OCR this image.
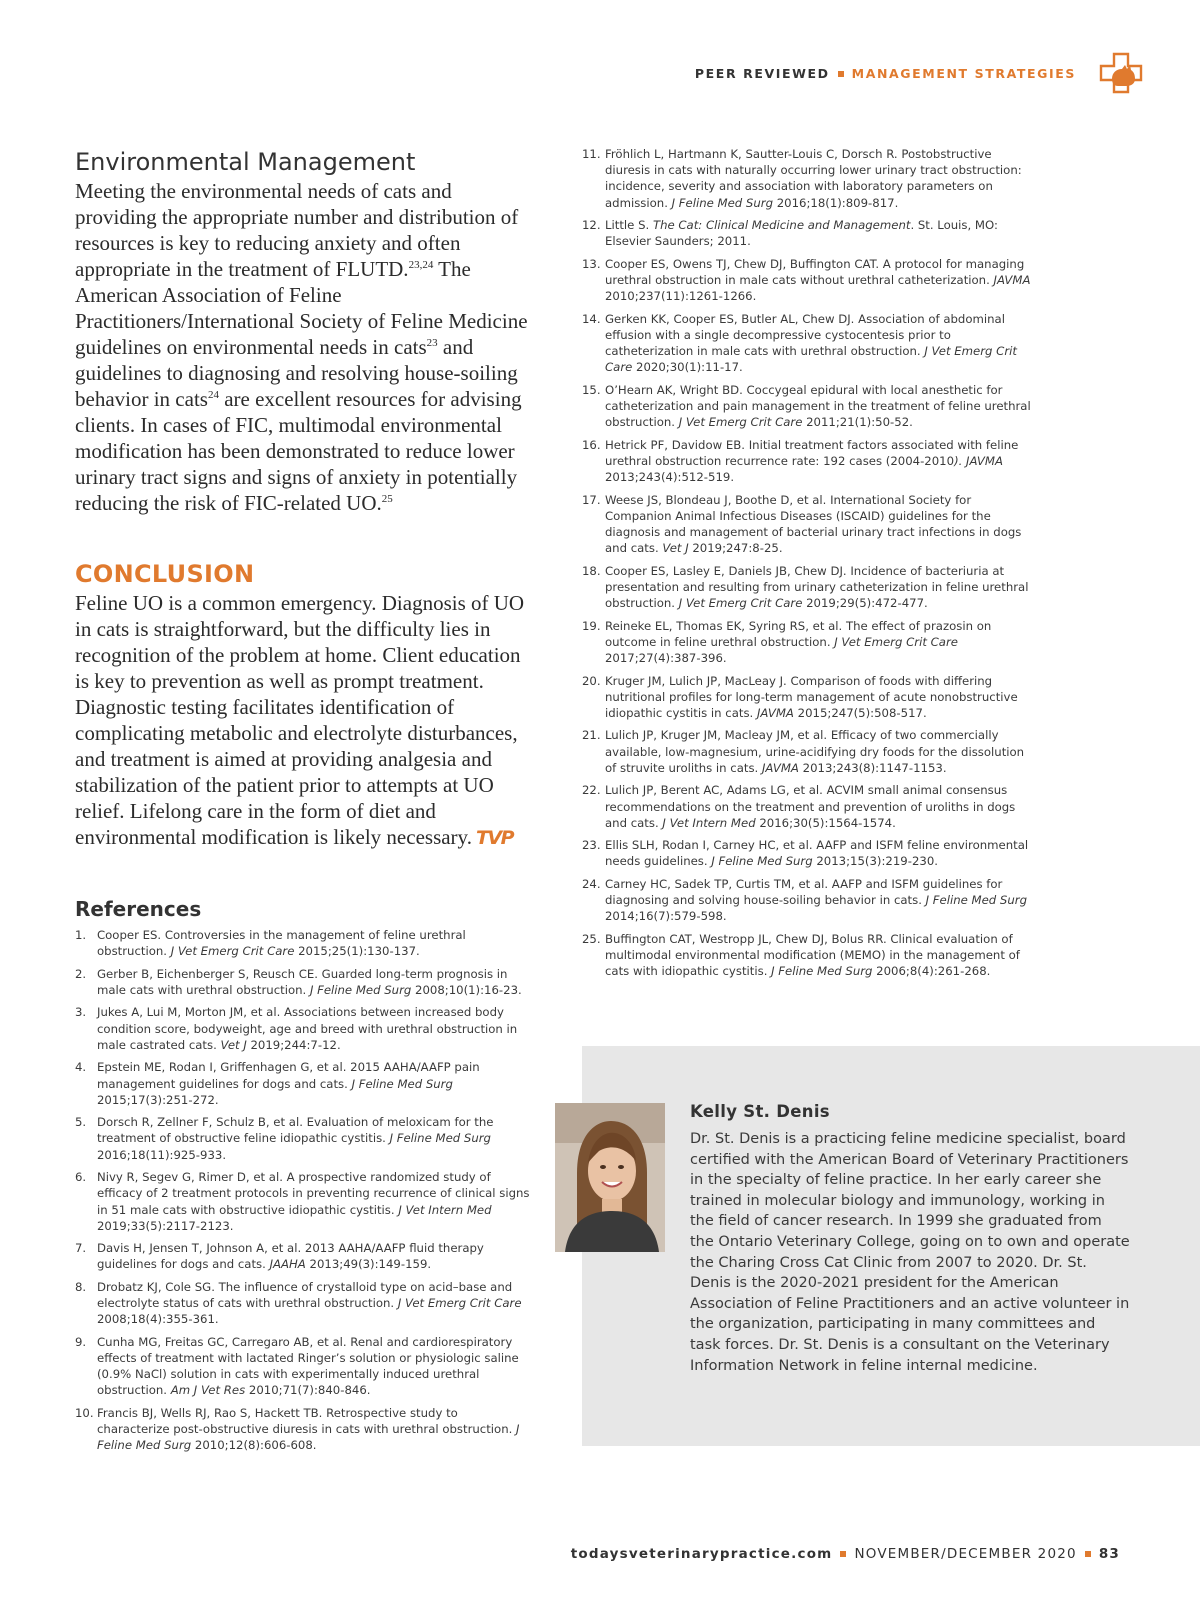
PEER REVIEWED MANAGEMENT STRATEGIES
Environmental Management

Meeting the environmental needs of cats and providing the appropriate number and distribution of resources is key to reducing anxiety and often appropriate in the treatment of FLUTD.$^{23,24}$ The American Association of Feline Practitioners/International Society of Feline Medicine guidelines on environmental needs in cats$^{23}$ and guidelines to diagnosing and resolving house-soiling behavior in cats$^{24}$ are excellent resources for advising clients. In cases of FIC, multimodal environmental modification has been demonstrated to reduce lower urinary tract signs and signs of anxiety in potentially reducing the risk of FIC-related UO.$^{25}$

CONCLUSION

Feline UO is a common emergency. Diagnosis of UO in cats is straightforward, but the difficulty lies in recognition of the problem at home. Client education is key to prevention as well as prompt treatment. Diagnostic testing facilitates identification of complicating metabolic and electrolyte disturbances, and treatment is aimed at providing analgesia and stabilization of the patient prior to attempts at UO relief. Lifelong care in the form of diet and environmental modification is likely necessary. TVP

References
1. Cooper ES. Controversies in the management of feline urethral obstruction. J Vet Emerg Crit Care 2015;25(1):130-137.
2. Gerber B, Eichenberger S, Reusch CE. Guarded long-term prognosis in male cats with urethral obstruction. J Feline Med Surg 2008;10(1):16-23.
3. Jukes A, Lui M, Morton JM, et al. Associations between increased body condition score, bodyweight, age and breed with urethral obstruction in male castrated cats. Vet J 2019;244:7-12.
4. Epstein ME, Rodan I, Griffenhagen G, et al. 2015 AAHA/AAFP pain management guidelines for dogs and cats. J Feline Med Surg 2015;17(3):251-272.
5. Dorsch R, Zellner F, Schulz B, et al. Evaluation of meloxicam for the treatment of obstructive feline idiopathic cystitis. J Feline Med Surg 2016;18(11):925-933.
6. Nivy R, Segev G, Rimer D, et al. A prospective randomized study of efficacy of 2 treatment protocols in preventing recurrence of clinical signs in 51 male cats with obstructive idiopathic cystitis. J Vet Intern Med 2019;33(5):2117-2123.
7. Davis H, Jensen T, Johnson A, et al. 2013 AAHA/AAFP fluid therapy guidelines for dogs and cats. JAAHA 2013;49(3):149-159.
8. Drobatz KJ, Cole SG. The influence of crystalloid type on acid–base and electrolyte status of cats with urethral obstruction. J Vet Emerg Crit Care 2008;18(4):355-361.
9. Cunha MG, Freitas GC, Carregaro AB, et al. Renal and cardiorespiratory effects of treatment with lactated Ringer’s solution or physiologic saline (0.9% NaCl) solution in cats with experimentally induced urethral obstruction. Am J Vet Res 2010;71(7):840-846.
10. Francis BJ, Wells RJ, Rao S, Hackett TB. Retrospective study to characterize post-obstructive diuresis in cats with urethral obstruction. J Feline Med Surg 2010;12(8):606-608.
11. Fröhlich L, Hartmann K, Sautter-Louis C, Dorsch R. Postobstructive diuresis in cats with naturally occurring lower urinary tract obstruction: incidence, severity and association with laboratory parameters on admission. J Feline Med Surg 2016;18(1):809-817.
12. Little S. The Cat: Clinical Medicine and Management. St. Louis, MO: Elsevier Saunders; 2011.
13. Cooper ES, Owens TJ, Chew DJ, Buffington CAT. A protocol for managing urethral obstruction in male cats without urethral catheterization. JAVMA 2010;237(11):1261-1266.
14. Gerken KK, Cooper ES, Butler AL, Chew DJ. Association of abdominal effusion with a single decompressive cystocentesis prior to catheterization in male cats with urethral obstruction. J Vet Emerg Crit Care 2020;30(1):11-17.
15. O’Hearn AK, Wright BD. Coccygeal epidural with local anesthetic for catheterization and pain management in the treatment of feline urethral obstruction. J Vet Emerg Crit Care 2011;21(1):50-52.
16. Hetrick PF, Davidow EB. Initial treatment factors associated with feline urethral obstruction recurrence rate: 192 cases (2004-2010). JAVMA 2013;243(4):512-519.
17. Weese JS, Blondeau J, Boothe D, et al. International Society for Companion Animal Infectious Diseases (ISCAID) guidelines for the diagnosis and management of bacterial urinary tract infections in dogs and cats. Vet J 2019;247:8-25.
18. Cooper ES, Lasley E, Daniels JB, Chew DJ. Incidence of bacteriuria at presentation and resulting from urinary catheterization in feline urethral obstruction. J Vet Emerg Crit Care 2019;29(5):472-477.
19. Reineke EL, Thomas EK, Syring RS, et al. The effect of prazosin on outcome in feline urethral obstruction. J Vet Emerg Crit Care 2017;27(4):387-396.
20. Kruger JM, Lulich JP, MacLeay J. Comparison of foods with differing nutritional profiles for long-term management of acute nonobstructive idiopathic cystitis in cats. JAVMA 2015;247(5):508-517.
21. Lulich JP, Kruger JM, Macleay JM, et al. Efficacy of two commercially available, low-magnesium, urine-acidifying dry foods for the dissolution of struvite uroliths in cats. JAVMA 2013;243(8):1147-1153.
22. Lulich JP, Berent AC, Adams LG, et al. ACVIM small animal consensus recommendations on the treatment and prevention of uroliths in dogs and cats. J Vet Intern Med 2016;30(5):1564-1574.
23. Ellis SLH, Rodan I, Carney HC, et al. AAFP and ISFM feline environmental needs guidelines. J Feline Med Surg 2013;15(3):219-230.
24. Carney HC, Sadek TP, Curtis TM, et al. AAFP and ISFM guidelines for diagnosing and solving house-soiling behavior in cats. J Feline Med Surg 2014;16(7):579-598.
25. Buffington CAT, Westropp JL, Chew DJ, Bolus RR. Clinical evaluation of multimodal environmental modification (MEMO) in the management of cats with idiopathic cystitis. J Feline Med Surg 2006;8(4):261-268.
Kelly St. Denis
Dr. St. Denis is a practicing feline medicine specialist, board certified with the American Board of Veterinary Practitioners in the specialty of feline practice. In her early career she trained in molecular biology and immunology, working in the field of cancer research. In 1999 she graduated from the Ontario Veterinary College, going on to own and operate the Charing Cross Cat Clinic from 2007 to 2020. Dr. St. Denis is the 2020-2021 president for the American Association of Feline Practitioners and an active volunteer in the organization, participating in many committees and task forces. Dr. St. Denis is a consultant on the Veterinary Information Network in feline internal medicine.
todaysveterinarypractice.com NOVEMBER/DECEMBER 2020 83
